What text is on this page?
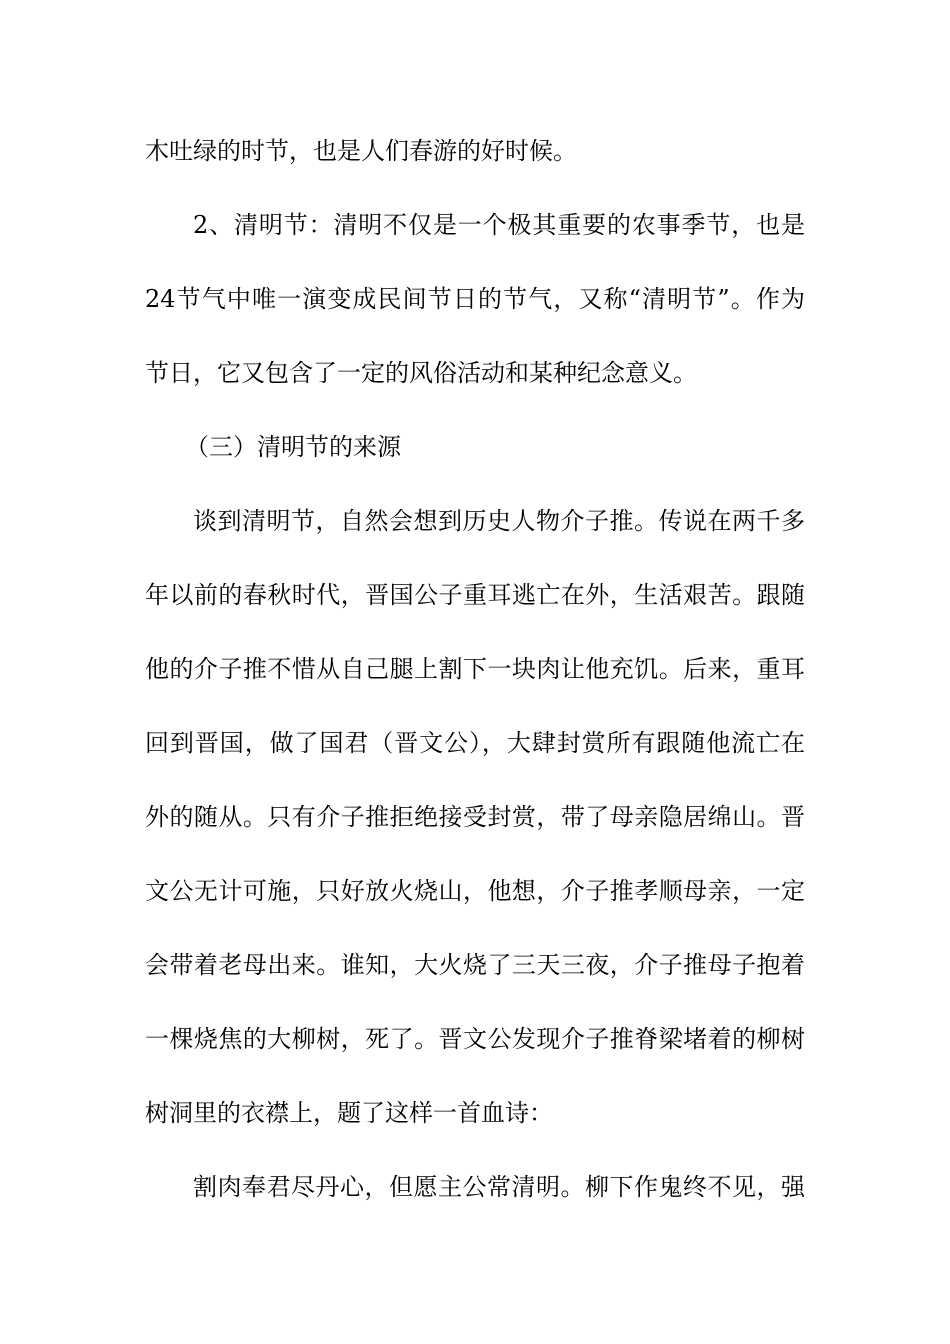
木吐绿的时节，也是人们春游的好时候。
2、清明节：清明不仅是一个极其重要的农事季节，也是
24节气中唯一演变成民间节日的节气，又称“清明节”。作为
节日，它又包含了一定的风俗活动和某种纪念意义。
（三）清明节的来源
谈到清明节，自然会想到历史人物介子推。传说在两千多
年以前的春秋时代，晋国公子重耳逃亡在外，生活艰苦。跟随
他的介子推不惜从自己腿上割下一块肉让他充饥。后来，重耳
回到晋国，做了国君（晋文公），大肆封赏所有跟随他流亡在
外的随从。只有介子推拒绝接受封赏，带了母亲隐居绵山。晋
文公无计可施，只好放火烧山，他想，介子推孝顺母亲，一定
会带着老母出来。谁知，大火烧了三天三夜，介子推母子抱着
一棵烧焦的大柳树，死了。晋文公发现介子推脊梁堵着的柳树
树洞里的衣襟上，题了这样一首血诗：
割肉奉君尽丹心，但愿主公常清明。柳下作鬼终不见，强
